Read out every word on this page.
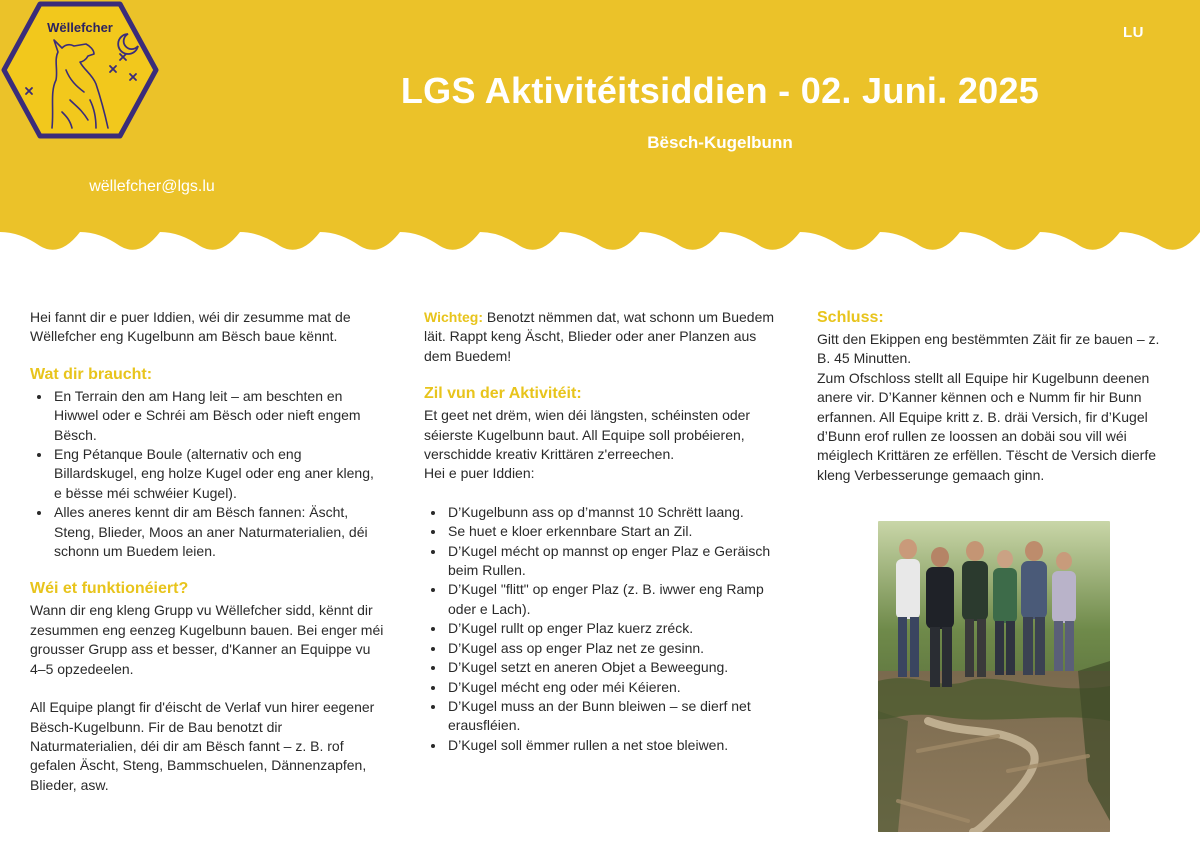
LU
LGS Aktivitéitsiddien - 02. Juni. 2025
Bësch-Kugelbunn
Wëllefcher
wëllefcher@lgs.lu

Hei fannt dir e puer Iddien, wéi dir zesumme mat de Wëllefcher eng Kugelbunn am Bësch baue kënnt.

Wat dir braucht:
• En Terrain den am Hang leit – am beschten en Hiwwel oder e Schréi am Bësch oder nieft engem Bësch.
• Eng Pétanque Boule (alternativ och eng Billardskugel, eng holze Kugel oder eng aner kleng, e bësse méi schwéier Kugel).
• Alles aneres kennt dir am Bësch fannen: Äscht, Steng, Blieder, Moos an aner Naturmaterialien, déi schonn um Buedem leien.
Wéi et funktionéiert?

Wann dir eng kleng Grupp vu Wëllefcher sidd, kënnt dir zesummen eng eenzeg Kugelbunn bauen. Bei enger méi grousser Grupp ass et besser, d'Kanner an Equippe vu 4–5 opzedeelen.

All Equipe plangt fir d'éischt de Verlaf vun hirer eegener Bësch-Kugelbunn. Fir de Bau benotzt dir Naturmaterialien, déi dir am Bësch fannt – z. B. rof gefalen Äscht, Steng, Bammschuelen, Dännenzapfen, Blieder, asw.

Wichteg: Benotzt nëmmen dat, wat schonn um Buedem läit. Rappt keng Äscht, Blieder oder aner Planzen aus dem Buedem!

Zil vun der Aktivitéit:

Et geet net drëm, wien déi längsten, schéinsten oder séierste Kugelbunn baut. All Equipe soll probéieren, verschidde kreativ Krittären z'erreechen.

Hei e puer Iddien:

• D’Kugelbunn ass op d’mannst 10 Schrëtt laang.
• Se huet e kloer erkennbare Start an Zil.
• D’Kugel mécht op mannst op enger Plaz e Geräisch beim Rullen.
• D’Kugel "flitt" op enger Plaz (z. B. iwwer eng Ramp oder e Lach).
• D’Kugel rullt op enger Plaz kuerz zréck.
• D’Kugel ass op enger Plaz net ze gesinn.
• D’Kugel setzt en aneren Objet a Beweegung.
• D’Kugel mécht eng oder méi Kéieren.
• D’Kugel muss an der Bunn bleiwen – se dierf net erausfléien.
• D’Kugel soll ëmmer rullen a net stoe bleiwen.
Schluss:

Gitt den Ekippen eng bestëmmten Zäit fir ze bauen – z. B. 45 Minutten.
Zum Ofschloss stellt all Equipe hir Kugelbunn deenen anere vir. D’Kanner kënnen och e Numm fir hir Bunn erfannen. All Equipe kritt z. B. dräi Versich, fir d’Kugel d’Bunn erof rullen ze loossen an dobäi sou vill wéi méiglech Krittären ze erfëllen. Tëscht de Versich dierfe kleng Verbesserunge gemaach ginn.
